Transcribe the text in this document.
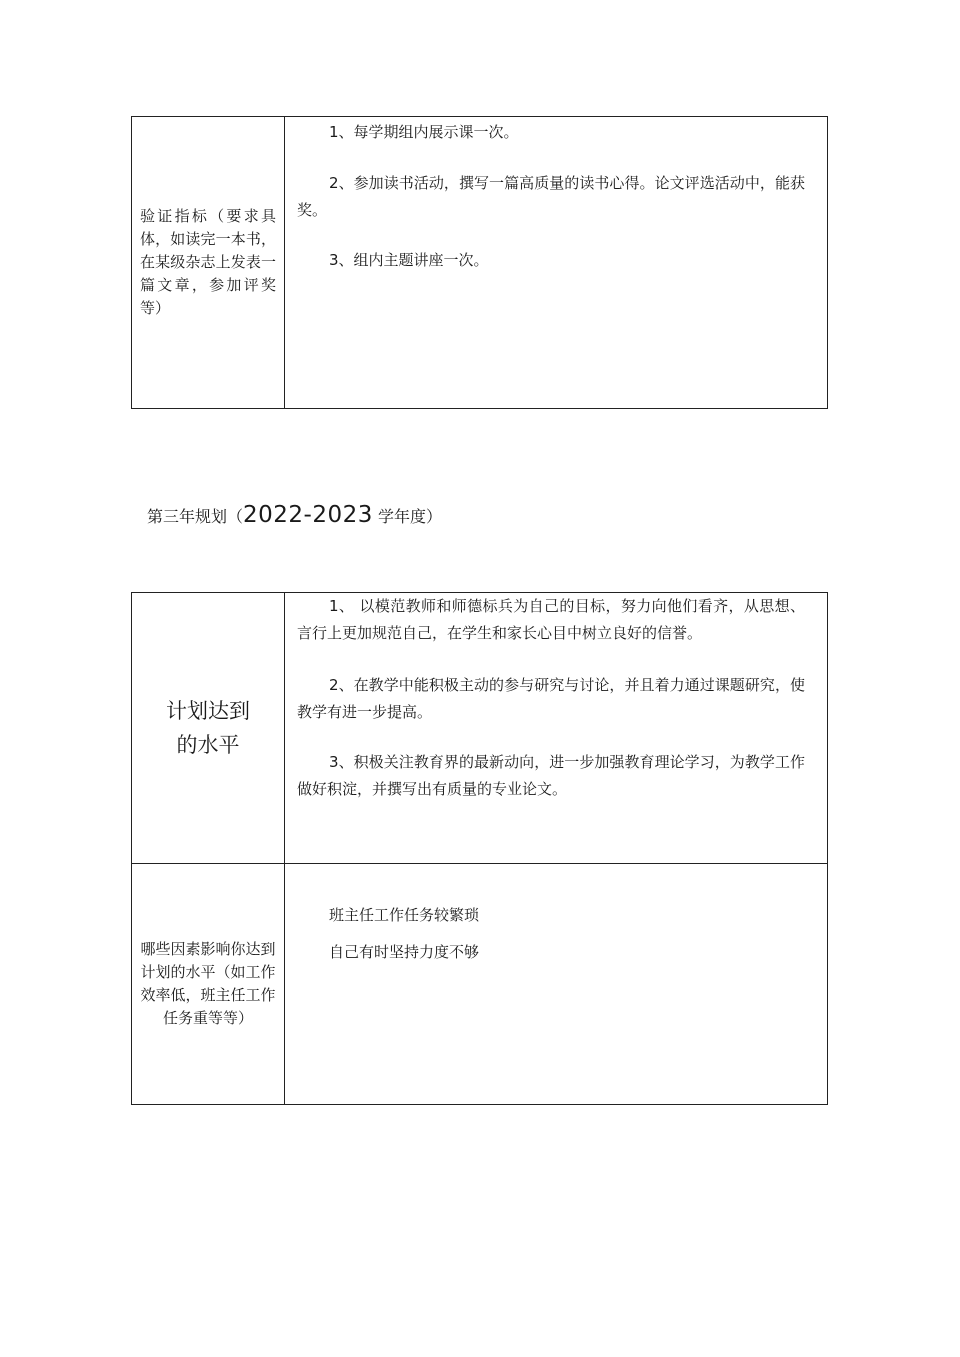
验证指标（要求具体，如读完一本书，在某级杂志上发表一篇文章，参加评奖等）

1、每学期组内展示课一次。

2、参加读书活动，撰写一篇高质量的读书心得。论文评选活动中，能获奖。

3、组内主题讲座一次。

第三年规划（2022-2023 学年度）
计划达到
的水平

1、 以模范教师和师德标兵为自己的目标，努力向他们看齐，从思想、言行上更加规范自己，在学生和家长心目中树立良好的信誉。

2、在教学中能积极主动的参与研究与讨论，并且着力通过课题研究，使教学有进一步提高。

3、积极关注教育界的最新动向，进一步加强教育理论学习，为教学工作做好积淀，并撰写出有质量的专业论文。

哪些因素影响你达到计划的水平（如工作效率低，班主任工作任务重等等）

班主任工作任务较繁琐

自己有时坚持力度不够
